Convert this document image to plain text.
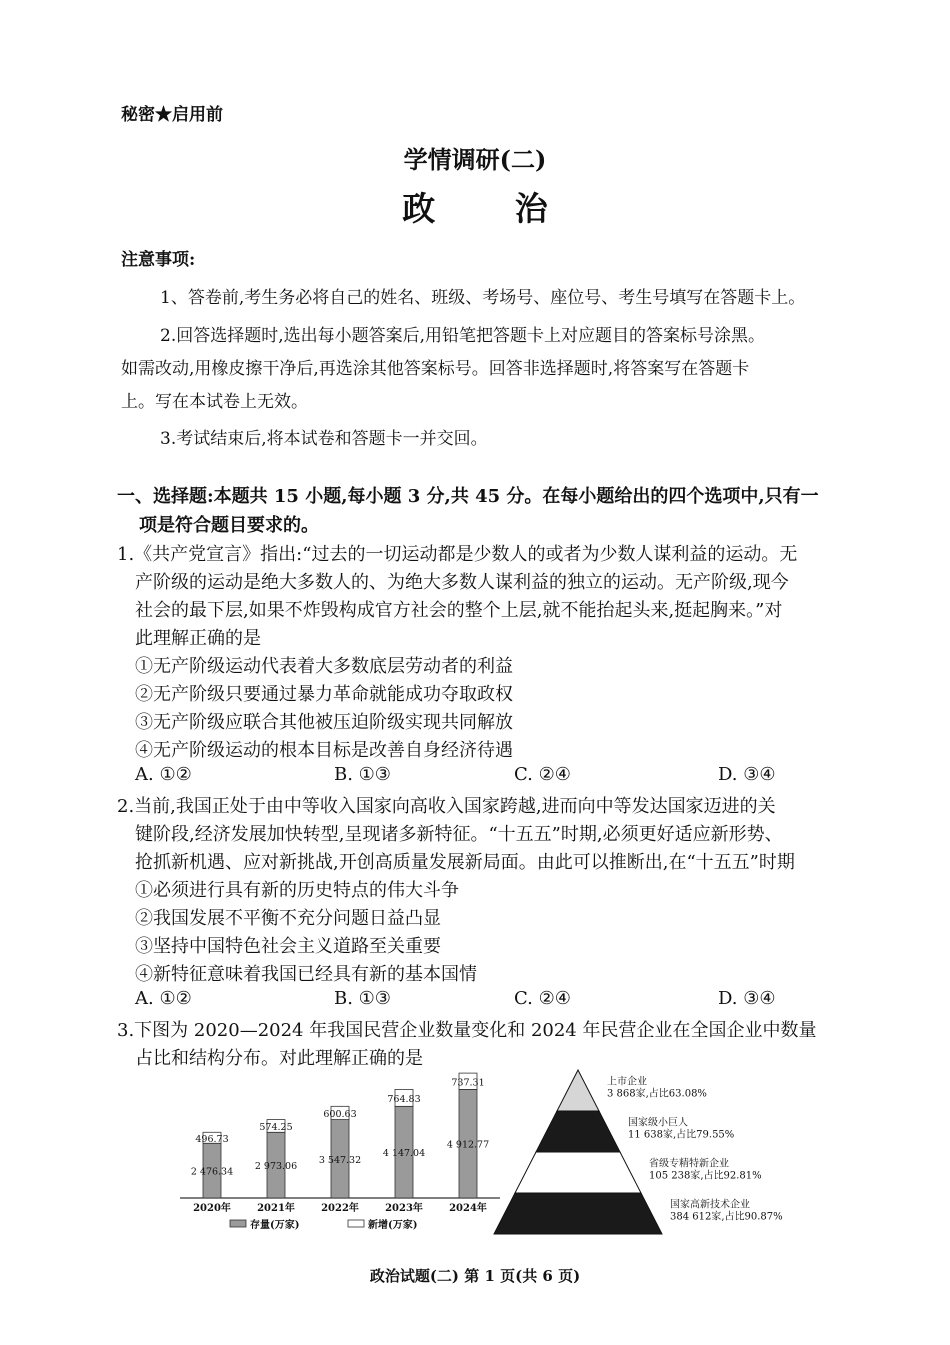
秘密★启用前
学情调研(二)
政 治
注意事项:
1、答卷前,考生务必将自己的姓名、班级、考场号、座位号、考生号填写在答题卡上。
2.回答选择题时,选出每小题答案后,用铅笔把答题卡上对应题目的答案标号涂黑。
如需改动,用橡皮擦干净后,再选涂其他答案标号。回答非选择题时,将答案写在答题卡
上。写在本试卷上无效。
3.考试结束后,将本试卷和答题卡一并交回。
一、选择题:本题共 15 小题,每小题 3 分,共 45 分。在每小题给出的四个选项中,只有一
项是符合题目要求的。
1.《共产党宣言》指出:“过去的一切运动都是少数人的或者为少数人谋利益的运动。无
产阶级的运动是绝大多数人的、为绝大多数人谋利益的独立的运动。无产阶级,现今
社会的最下层,如果不炸毁构成官方社会的整个上层,就不能抬起头来,挺起胸来。”对
此理解正确的是
①无产阶级运动代表着大多数底层劳动者的利益
②无产阶级只要通过暴力革命就能成功夺取政权
③无产阶级应联合其他被压迫阶级实现共同解放
④无产阶级运动的根本目标是改善自身经济待遇
A. ①②	B. ①③	C. ②④	D. ③④
2.当前,我国正处于由中等收入国家向高收入国家跨越,进而向中等发达国家迈进的关
键阶段,经济发展加快转型,呈现诸多新特征。“十五五”时期,必须更好适应新形势、
抢抓新机遇、应对新挑战,开创高质量发展新局面。由此可以推断出,在“十五五”时期
①必须进行具有新的历史特点的伟大斗争
②我国发展不平衡不充分问题日益凸显
③坚持中国特色社会主义道路至关重要
④新特征意味着我国已经具有新的基本国情
A. ①②	B. ①③	C. ②④	D. ③④
3.下图为 2020—2024 年我国民营企业数量变化和 2024 年民营企业在全国企业中数量
占比和结构分布。对此理解正确的是
2 476.34
496.73
2020年
2 973.06
574.25
2021年
3 547.32
600.63
2022年
4 147.04
764.83
2023年
4 912.77
737.31
2024年
存量(万家)	新增(万家)
上市企业
3 868家,占比63.08%
国家级小巨人
11 638家,占比79.55%
省级专精特新企业
105 238家,占比92.81%
国家高新技术企业
384 612家,占比90.87%
政治试题(二) 第 1 页(共 6 页)
